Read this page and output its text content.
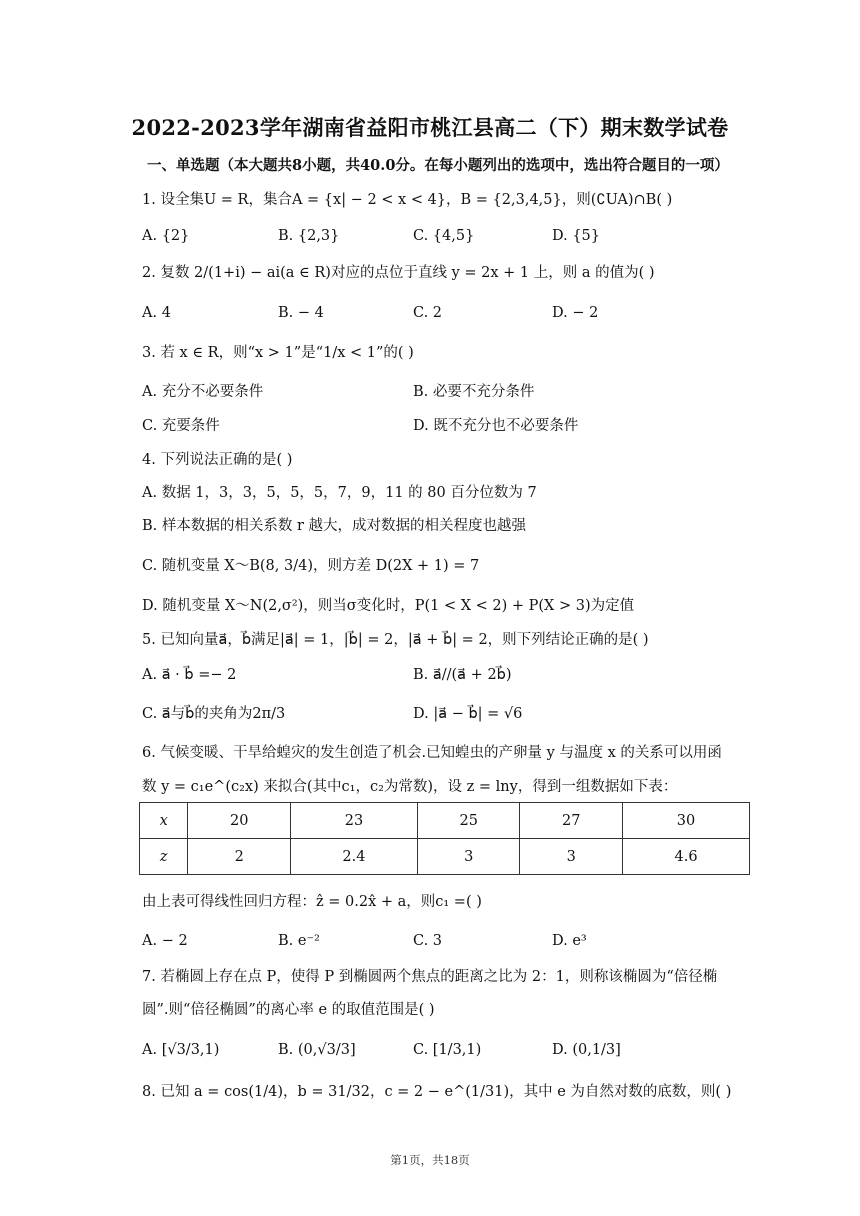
2022-2023学年湖南省益阳市桃江县高二（下）期末数学试卷
一、单选题（本大题共8小题，共40.0分。在每小题列出的选项中，选出符合题目的一项）
1. 设全集U = R，集合A = {x| − 2 < x < 4}，B = {2,3,4,5}，则(∁UA)∩B( )
A. {2}	B. {2,3}	C. {4,5}	D. {5}
2. 复数 2/(1+i) − ai(a ∈ R)对应的点位于直线 y = 2x + 1 上，则 a 的值为( )
A. 4	B. − 4	C. 2	D. − 2
3. 若 x ∈ R，则“x > 1”是“1/x < 1”的( )
A. 充分不必要条件	B. 必要不充分条件
C. 充要条件	D. 既不充分也不必要条件
4. 下列说法正确的是( )
A. 数据 1，3，3，5，5，5，7，9，11 的 80 百分位数为 7
B. 样本数据的相关系数 r 越大，成对数据的相关程度也越强
C. 随机变量 X～B(8, 3/4)，则方差 D(2X + 1) = 7
D. 随机变量 X～N(2,σ²)，则当σ变化时，P(1 < X < 2) + P(X > 3)为定值
5. 已知向量a⃗，b⃗满足|a⃗| = 1，|b⃗| = 2，|a⃗ + b⃗| = 2，则下列结论正确的是( )
A. a⃗ · b⃗ =− 2	B. a⃗//(a⃗ + 2b⃗)
C. a⃗与b⃗的夹角为2π/3	D. |a⃗ − b⃗| = √6
6. 气候变暖、干旱给蝗灾的发生创造了机会.已知蝗虫的产卵量 y 与温度 x 的关系可以用函
数 y = c₁e^(c₂x) 来拟合(其中c₁，c₂为常数)，设 z = lny，得到一组数据如下表：
x	20	23	25	27	30
z	2	2.4	3	3	4.6
由上表可得线性回归方程：ẑ = 0.2x̂ + a，则c₁ =( )
A. − 2	B. e⁻²	C. 3	D. e³
7. 若椭圆上存在点 P，使得 P 到椭圆两个焦点的距离之比为 2：1，则称该椭圆为“倍径椭
圆”.则“倍径椭圆”的离心率 e 的取值范围是( )
A. [√3/3,1)	B. (0,√3/3]	C. [1/3,1)	D. (0,1/3]
8. 已知 a = cos(1/4)，b = 31/32，c = 2 − e^(1/31)，其中 e 为自然对数的底数，则( )
第1页，共18页
